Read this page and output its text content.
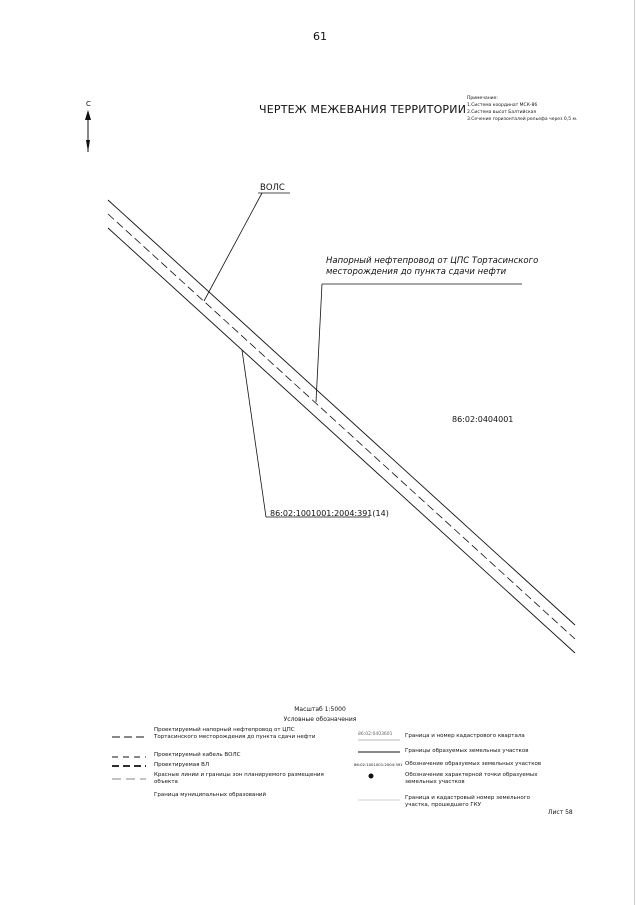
61
С	ЧЕРТЕЖ МЕЖЕВАНИЯ ТЕРРИТОРИИ
Примечание:
1.Система координат МСК-86
2.Система высот Балтийская
3.Сечение горизонталей рельефа через 0,5 м.
ВОЛС
Напорный нефтепровод от ЦПС Тортасинского
месторождения до пункта сдачи нефти
86:02:0404001
86:02:1001001:2004:391(14)
Масштаб 1:5000
Условные обозначения
Проектируемый напорный нефтепровод от ЦПС Тортасинского месторождения до пункта сдачи нефти
Проектируемый кабель ВОЛС
Проектируемая ВЛ
Красные линии и границы зон планируемого размещения объекта
Граница муниципальных образований
86:02:0403601 Граница и номер кадастрового квартала
Границы образуемых земельных участков
86:02:1001001:2004:391 Обозначение образуемых земельных участков
Обозначение характерной точки образуемых земельных участков
Граница и кадастровый номер земельного участка, прошедшего ГКУ
Лист 58
